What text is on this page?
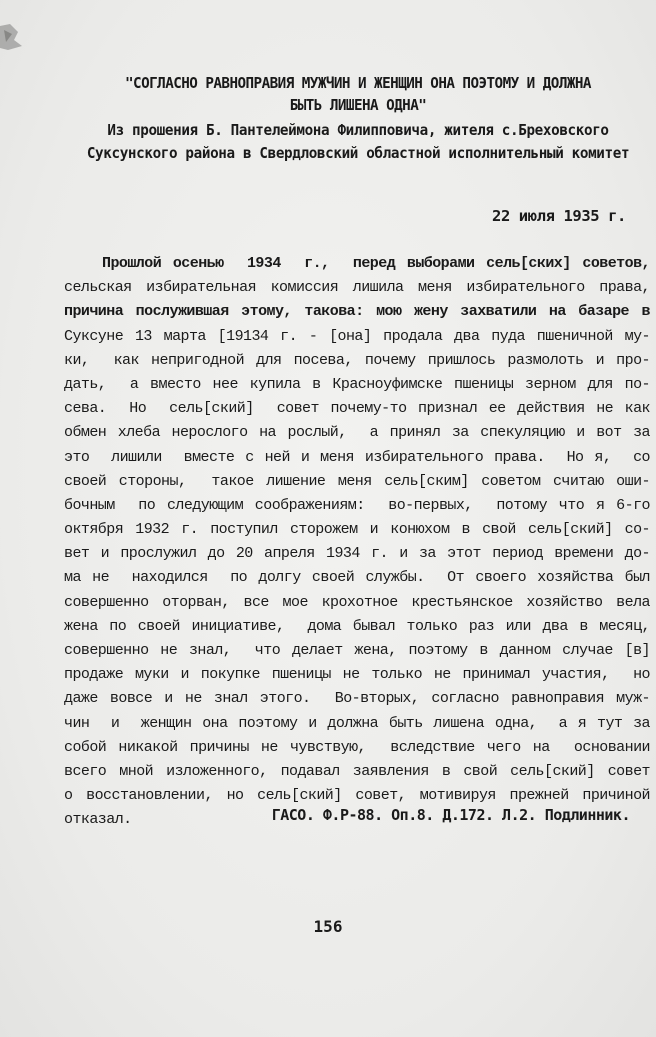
"СОГЛАСНО РАВНОПРАВИЯ МУЖЧИН И ЖЕНЩИН ОНА ПОЭТОМУ И ДОЛЖНА БЫТЬ ЛИШЕНА ОДНА"
Из прошения Б. Пантелеймона Филипповича, жителя с.Бреховского Суксунского района в Свердловский областной исполнительный комитет
22 июля 1935 г.
Прошлой осенью  1934  г.,  перед выборами сель[ских] советов,
сельская избирательная комиссия лишила меня избирательного права,
причина послужившая этому, такова: мою жену захватили на базаре в
Суксуне 13 марта [19134 г. - [она] продала два пуда пшеничной му-
ки,  как непригодной для посева, почему пришлось размолоть и про-
дать,  а вместо нее купила в Красноуфимске пшеницы зерном для по-
сева.  Но  сель[ский]  совет почему-то признал ее действия не как
обмен хлеба нерослого на рослый,  а принял за спекуляцию и вот за
это  лишили  вместе с ней и меня избирательного права.  Но я,  со
своей стороны,  такое лишение меня сель[ским] советом считаю оши-
бочным  по следующим соображениям:  во-первых,  потому что я 6-го
октября 1932 г. поступил сторожем и конюхом в свой сель[ский] со-
вет и прослужил до 20 апреля 1934 г. и за этот период времени до-
ма не  находился  по долгу своей службы.  От своего хозяйства был
совершенно оторван, все мое крохотное крестьянское хозяйство вела
жена по своей инициативе,  дома бывал только раз или два в месяц,
совершенно не знал,  что делает жена, поэтому в данном случае [в]
продаже муки и покупке пшеницы не только не принимал участия,  но
даже вовсе и не знал этого.  Во-вторых, согласно равноправия муж-
чин  и  женщин она поэтому и должна быть лишена одна,  а я тут за
собой никакой причины не чувствую,  вследствие чего на  основании
всего мной изложенного, подавал заявления в свой сель[ский] совет
о восстановлении, но сель[ский] совет, мотивируя прежней причиной
отказал.	ГАСО. Ф.Р-88. Оп.8. Д.172. Л.2. Подлинник.
156
